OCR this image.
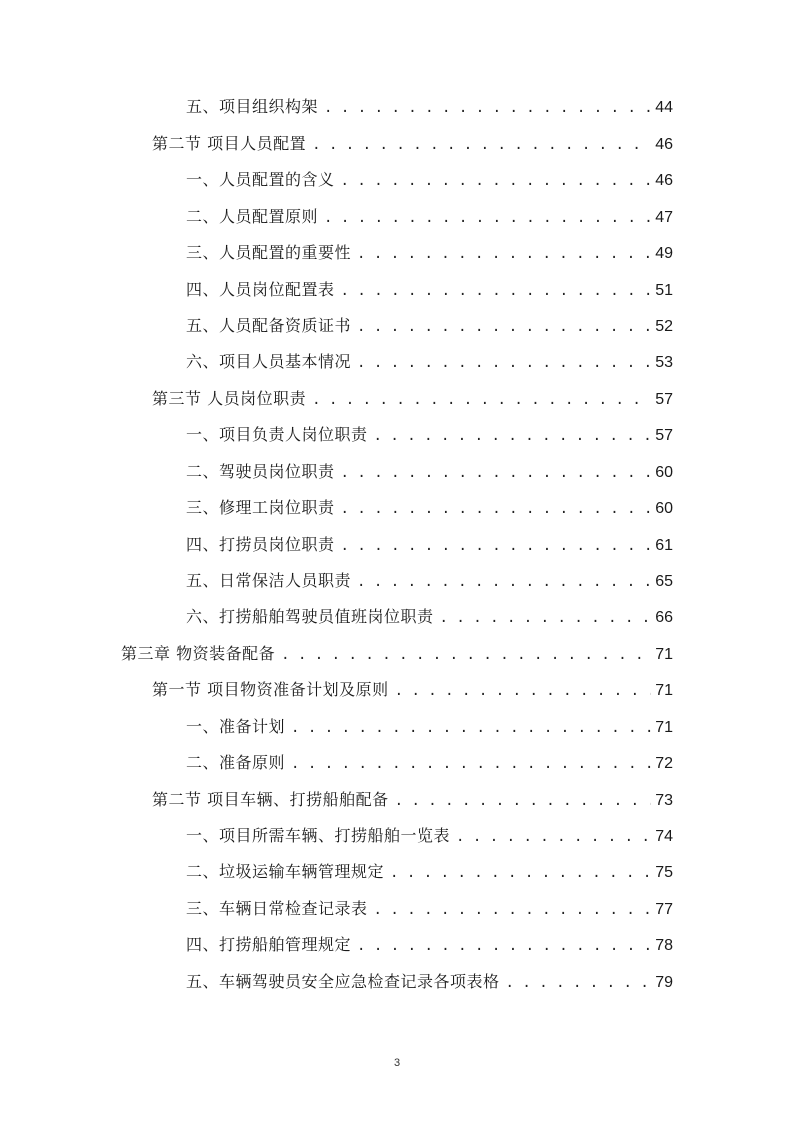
五、项目组织构架 . . .	44
第二节 项目人员配置 . . .	46
一、人员配置的含义 . . .	46
二、人员配置原则 . . .	47
三、人员配置的重要性 . . .	49
四、人员岗位配置表 . . .	51
五、人员配备资质证书 . . .	52
六、项目人员基本情况 . . .	53
第三节 人员岗位职责 . . .	57
一、项目负责人岗位职责 . . .	57
二、驾驶员岗位职责 . . .	60
三、修理工岗位职责 . . .	60
四、打捞员岗位职责 . . .	61
五、日常保洁人员职责 . . .	65
六、打捞船舶驾驶员值班岗位职责 . . .	66
第三章 物资装备配备 . . .	71
第一节 项目物资准备计划及原则 . . .	71
一、准备计划 . . .	71
二、准备原则 . . .	72
第二节 项目车辆、打捞船舶配备 . . .	73
一、项目所需车辆、打捞船舶一览表 . . .	74
二、垃圾运输车辆管理规定 . . .	75
三、车辆日常检查记录表 . . .	77
四、打捞船舶管理规定 . . .	78
五、车辆驾驶员安全应急检查记录各项表格 . . .	79
3
